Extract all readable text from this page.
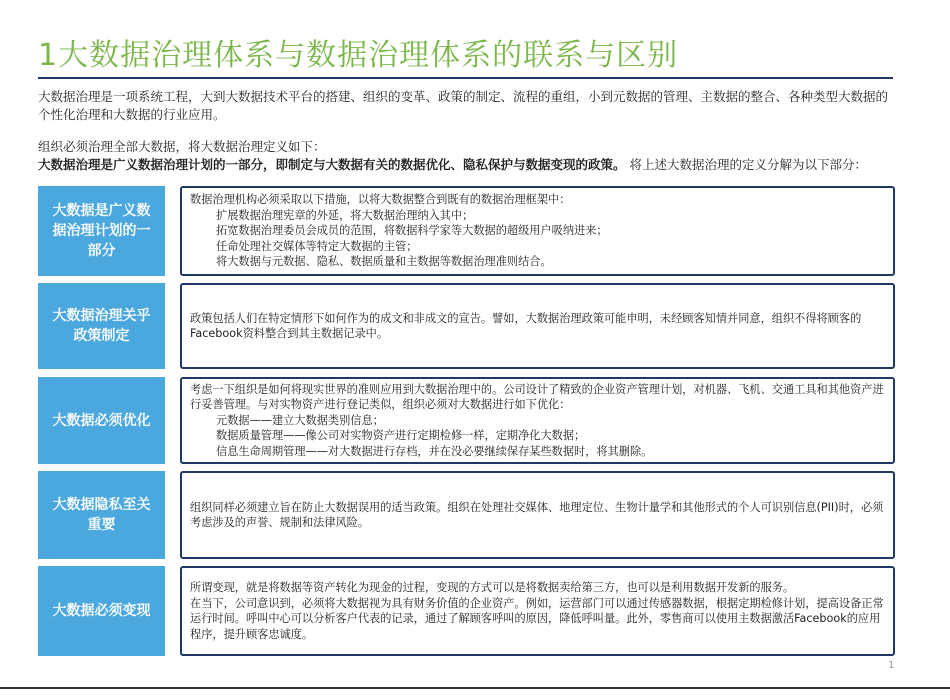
1大数据治理体系与数据治理体系的联系与区别

大数据治理是一项系统工程，大到大数据技术平台的搭建、组织的变革、政策的制定、流程的重组，小到元数据的管理、主数据的整合、各种类型大数据的个性化治理和大数据的行业应用。

组织必须治理全部大数据，将大数据治理定义如下：

大数据治理是广义数据治理计划的一部分，即制定与大数据有关的数据优化、隐私保护与数据变现的政策。 将上述大数据治理的定义分解为以下部分：

大数据是广义数据治理计划的一部分

数据治理机构必须采取以下措施，以将大数据整合到既有的数据治理框架中：

扩展数据治理宪章的外延，将大数据治理纳入其中；

拓宽数据治理委员会成员的范围，将数据科学家等大数据的超级用户吸纳进来；

任命处理社交媒体等特定大数据的主管；

将大数据与元数据、隐私、数据质量和主数据等数据治理准则结合。

大数据治理关乎政策制定

政策包括人们在特定情形下如何作为的成文和非成文的宣告。譬如，大数据治理政策可能申明，未经顾客知情并同意，组织不得将顾客的Facebook资料整合到其主数据记录中。

大数据必须优化

考虑一下组织是如何将现实世界的准则应用到大数据治理中的。公司设计了精致的企业资产管理计划，对机器、飞机、交通工具和其他资产进行妥善管理。与对实物资产进行登记类似，组织必须对大数据进行如下优化：

元数据——建立大数据类别信息；

数据质量管理——像公司对实物资产进行定期检修一样，定期净化大数据；

信息生命周期管理——对大数据进行存档，并在没必要继续保存某些数据时，将其删除。

大数据隐私至关重要

组织同样必须建立旨在防止大数据误用的适当政策。组织在处理社交媒体、地理定位、生物计量学和其他形式的个人可识别信息(PII)时，必须考虑涉及的声誉、规制和法律风险。

大数据必须变现

所谓变现，就是将数据等资产转化为现金的过程，变现的方式可以是将数据卖给第三方，也可以是利用数据开发新的服务。

在当下，公司意识到，必须将大数据视为具有财务价值的企业资产。例如，运营部门可以通过传感器数据，根据定期检修计划，提高设备正常运行时间。呼叫中心可以分析客户代表的记录，通过了解顾客呼叫的原因，降低呼叫量。此外，零售商可以使用主数据激活Facebook的应用程序，提升顾客忠诚度。

1
